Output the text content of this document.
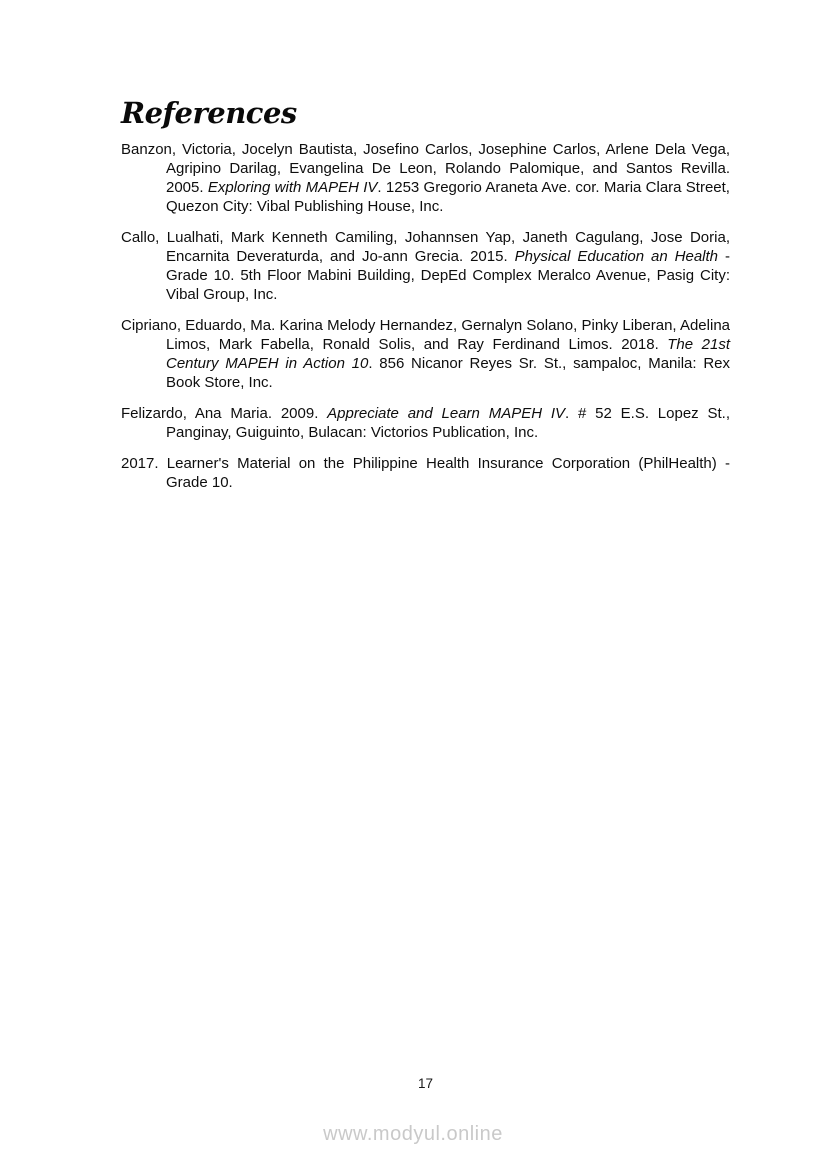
References

Banzon, Victoria, Jocelyn Bautista, Josefino Carlos, Josephine Carlos, Arlene Dela Vega, Agripino Darilag, Evangelina De Leon, Rolando Palomique, and Santos Revilla. 2005. Exploring with MAPEH IV. 1253 Gregorio Araneta Ave. cor. Maria Clara Street, Quezon City: Vibal Publishing House, Inc.

Callo, Lualhati, Mark Kenneth Camiling, Johannsen Yap, Janeth Cagulang, Jose Doria, Encarnita Deveraturda, and Jo-ann Grecia. 2015. Physical Education an Health - Grade 10. 5th Floor Mabini Building, DepEd Complex Meralco Avenue, Pasig City: Vibal Group, Inc.

Cipriano, Eduardo, Ma. Karina Melody Hernandez, Gernalyn Solano, Pinky Liberan, Adelina Limos, Mark Fabella, Ronald Solis, and Ray Ferdinand Limos. 2018. The 21st Century MAPEH in Action 10. 856 Nicanor Reyes Sr. St., sampaloc, Manila: Rex Book Store, Inc.

Felizardo, Ana Maria. 2009. Appreciate and Learn MAPEH IV. # 52 E.S. Lopez St., Panginay, Guiguinto, Bulacan: Victorios Publication, Inc.

2017. Learner's Material on the Philippine Health Insurance Corporation (PhilHealth) - Grade 10.

17
www.modyul.online
